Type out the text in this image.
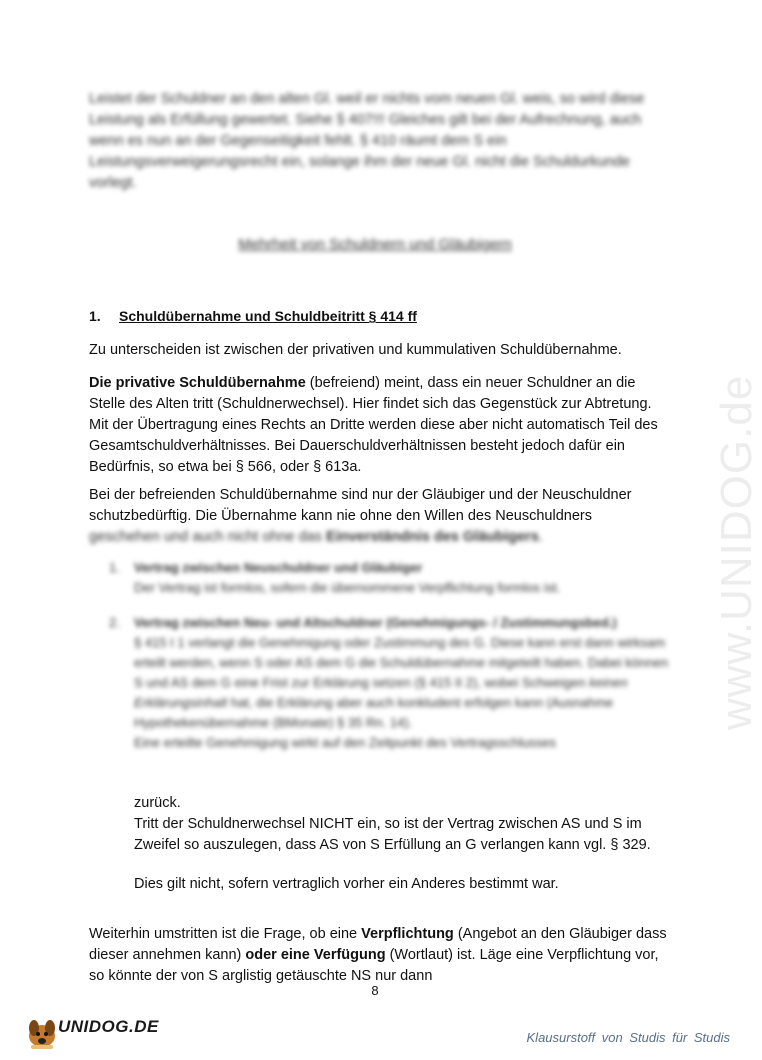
Leistet der Schuldner an den alten Gl. weil er nichts vom neuen Gl. weis, so wird diese Leistung als Erfüllung gewertet. Siehe § 407!!! Gleiches gilt bei der Aufrechnung, auch wenn es nun an der Gegenseitigkeit fehlt. § 410 räumt dem S ein Leistungsverweigerungsrecht ein, solange ihm der neue Gl. nicht die Schuldurkunde vorlegt.

Mehrheit von Schuldnern und Gläubigern
1. Schuldübernahme und Schuldbeitritt § 414 ff

Zu unterscheiden ist zwischen der privativen und kummulativen Schuldübernahme.

Die privative Schuldübernahme (befreiend) meint, dass ein neuer Schuldner an die Stelle des Alten tritt (Schuldnerwechsel). Hier findet sich das Gegenstück zur Abtretung. Mit der Übertragung eines Rechts an Dritte werden diese aber nicht automatisch Teil des Gesamtschuldverhältnisses. Bei Dauerschuldverhältnissen besteht jedoch dafür ein Bedürfnis, so etwa bei § 566, oder § 613a.

Bei der befreienden Schuldübernahme sind nur der Gläubiger und der Neuschuldner schutzbedürftig. Die Übernahme kann nie ohne den Willen des Neuschuldners geschehen und auch nicht ohne das Einverständnis des Gläubigers.

1. Vertrag zwischen Neuschuldner und Gläubiger
Der Vertrag ist formlos, sofern die übernommene Verpflichtung formlos ist.
2.	Vertrag zwischen Neu- und Altschuldner (Genehmigungs- / Zustimmungsbed.)
§ 415 I 1 verlangt die Genehmigung oder Zustimmung des G. Diese kann erst dann wirksam erteilt werden, wenn S oder AS dem G die Schuldübernahme mitgeteilt haben. Dabei können S und AS dem G eine Frist zur Erklärung setzen (§ 415 II 2), wobei Schweigen keinen Erklärungsinhalt hat, die Erklärung aber auch konkludent erfolgen kann (Ausnahme Hypothekenübernahme (BMonate) § 35 Rn. 14).
Eine erteilte Genehmigung wirkt auf den Zeitpunkt des Vertragsschlusses

zurück.

Tritt der Schuldnerwechsel NICHT ein, so ist der Vertrag zwischen AS und S im Zweifel so auszulegen, dass AS von S Erfüllung an G verlangen kann vgl. § 329.

Dies gilt nicht, sofern vertraglich vorher ein Anderes bestimmt war.

Weiterhin umstritten ist die Frage, ob eine Verpflichtung (Angebot an den Gläubiger dass dieser annehmen kann) oder eine Verfügung (Wortlaut) ist. Läge eine Verpflichtung vor, so könnte der von S arglistig getäuschte NS nur dann

8
www.UNIDOG.de
UNIDOG.DE
Klausurstoff von Studis für Studis
